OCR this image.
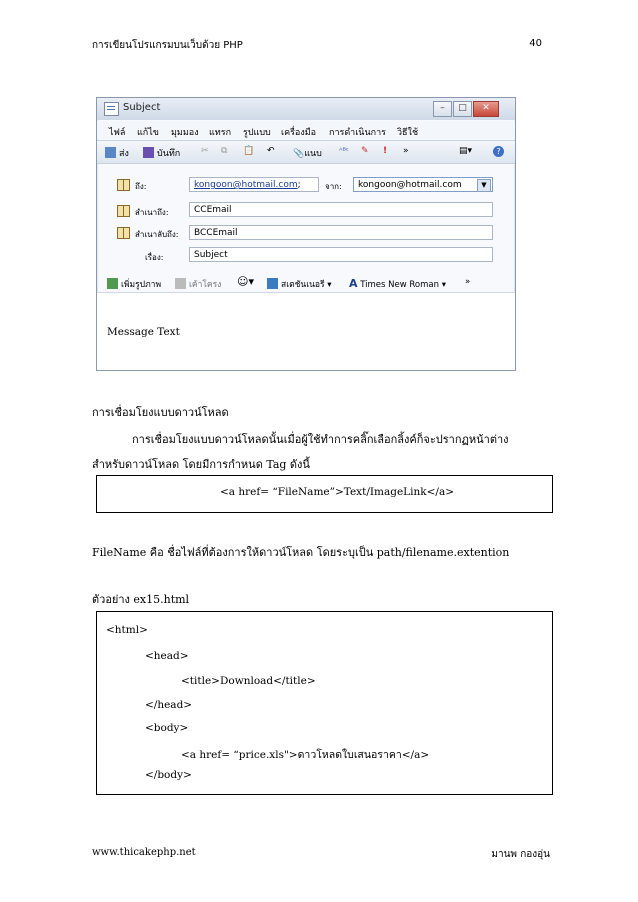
การเขียนโปรแกรมบนเว็บด้วย PHP	40
Subject	–	□	✕
ไฟล์ แก้ไข มุมมอง แทรก รูปแบบ เครื่องมือ การดำเนินการ วิธีใช้
ส่ง	บันทึก ✂ ⧉ 📋 ↶ 📎แนบ ᴬᴮᶜ ✎ ! »	▤▾	?
ถึง:	kongoon@hotmail.com;	จาก:	kongoon@hotmail.com	▼
สำเนาถึง:	CCEmail
สำเนาลับถึง:	BCCEmail
เรื่อง:	Subject
เพิ่มรูปภาพ	เค้าโครง ☺▾	สเตชันเนอรี ▾ A Times New Roman ▾ »
Message Text
การเชื่อมโยงแบบดาวน์โหลด
การเชื่อมโยงแบบดาวน์โหลดนั้นเมื่อผู้ใช้ทำการคลิ๊กเลือกลิ้งค์ก็จะปรากฏหน้าต่าง
สำหรับดาวน์โหลด โดยมีการกำหนด Tag ดังนี้
<a href= “FileName”>Text/ImageLink</a>
FileName คือ ชื่อไฟล์ที่ต้องการให้ดาวน์โหลด โดยระบุเป็น path/filename.extention
ตัวอย่าง ex15.html
<html>
<head>
<title>Download</title>
</head>
<body>
<a href= “price.xls">ดาวโหลดใบเสนอราคา</a>
</body>
www.thicakephp.net	มานพ กองอุ่น
